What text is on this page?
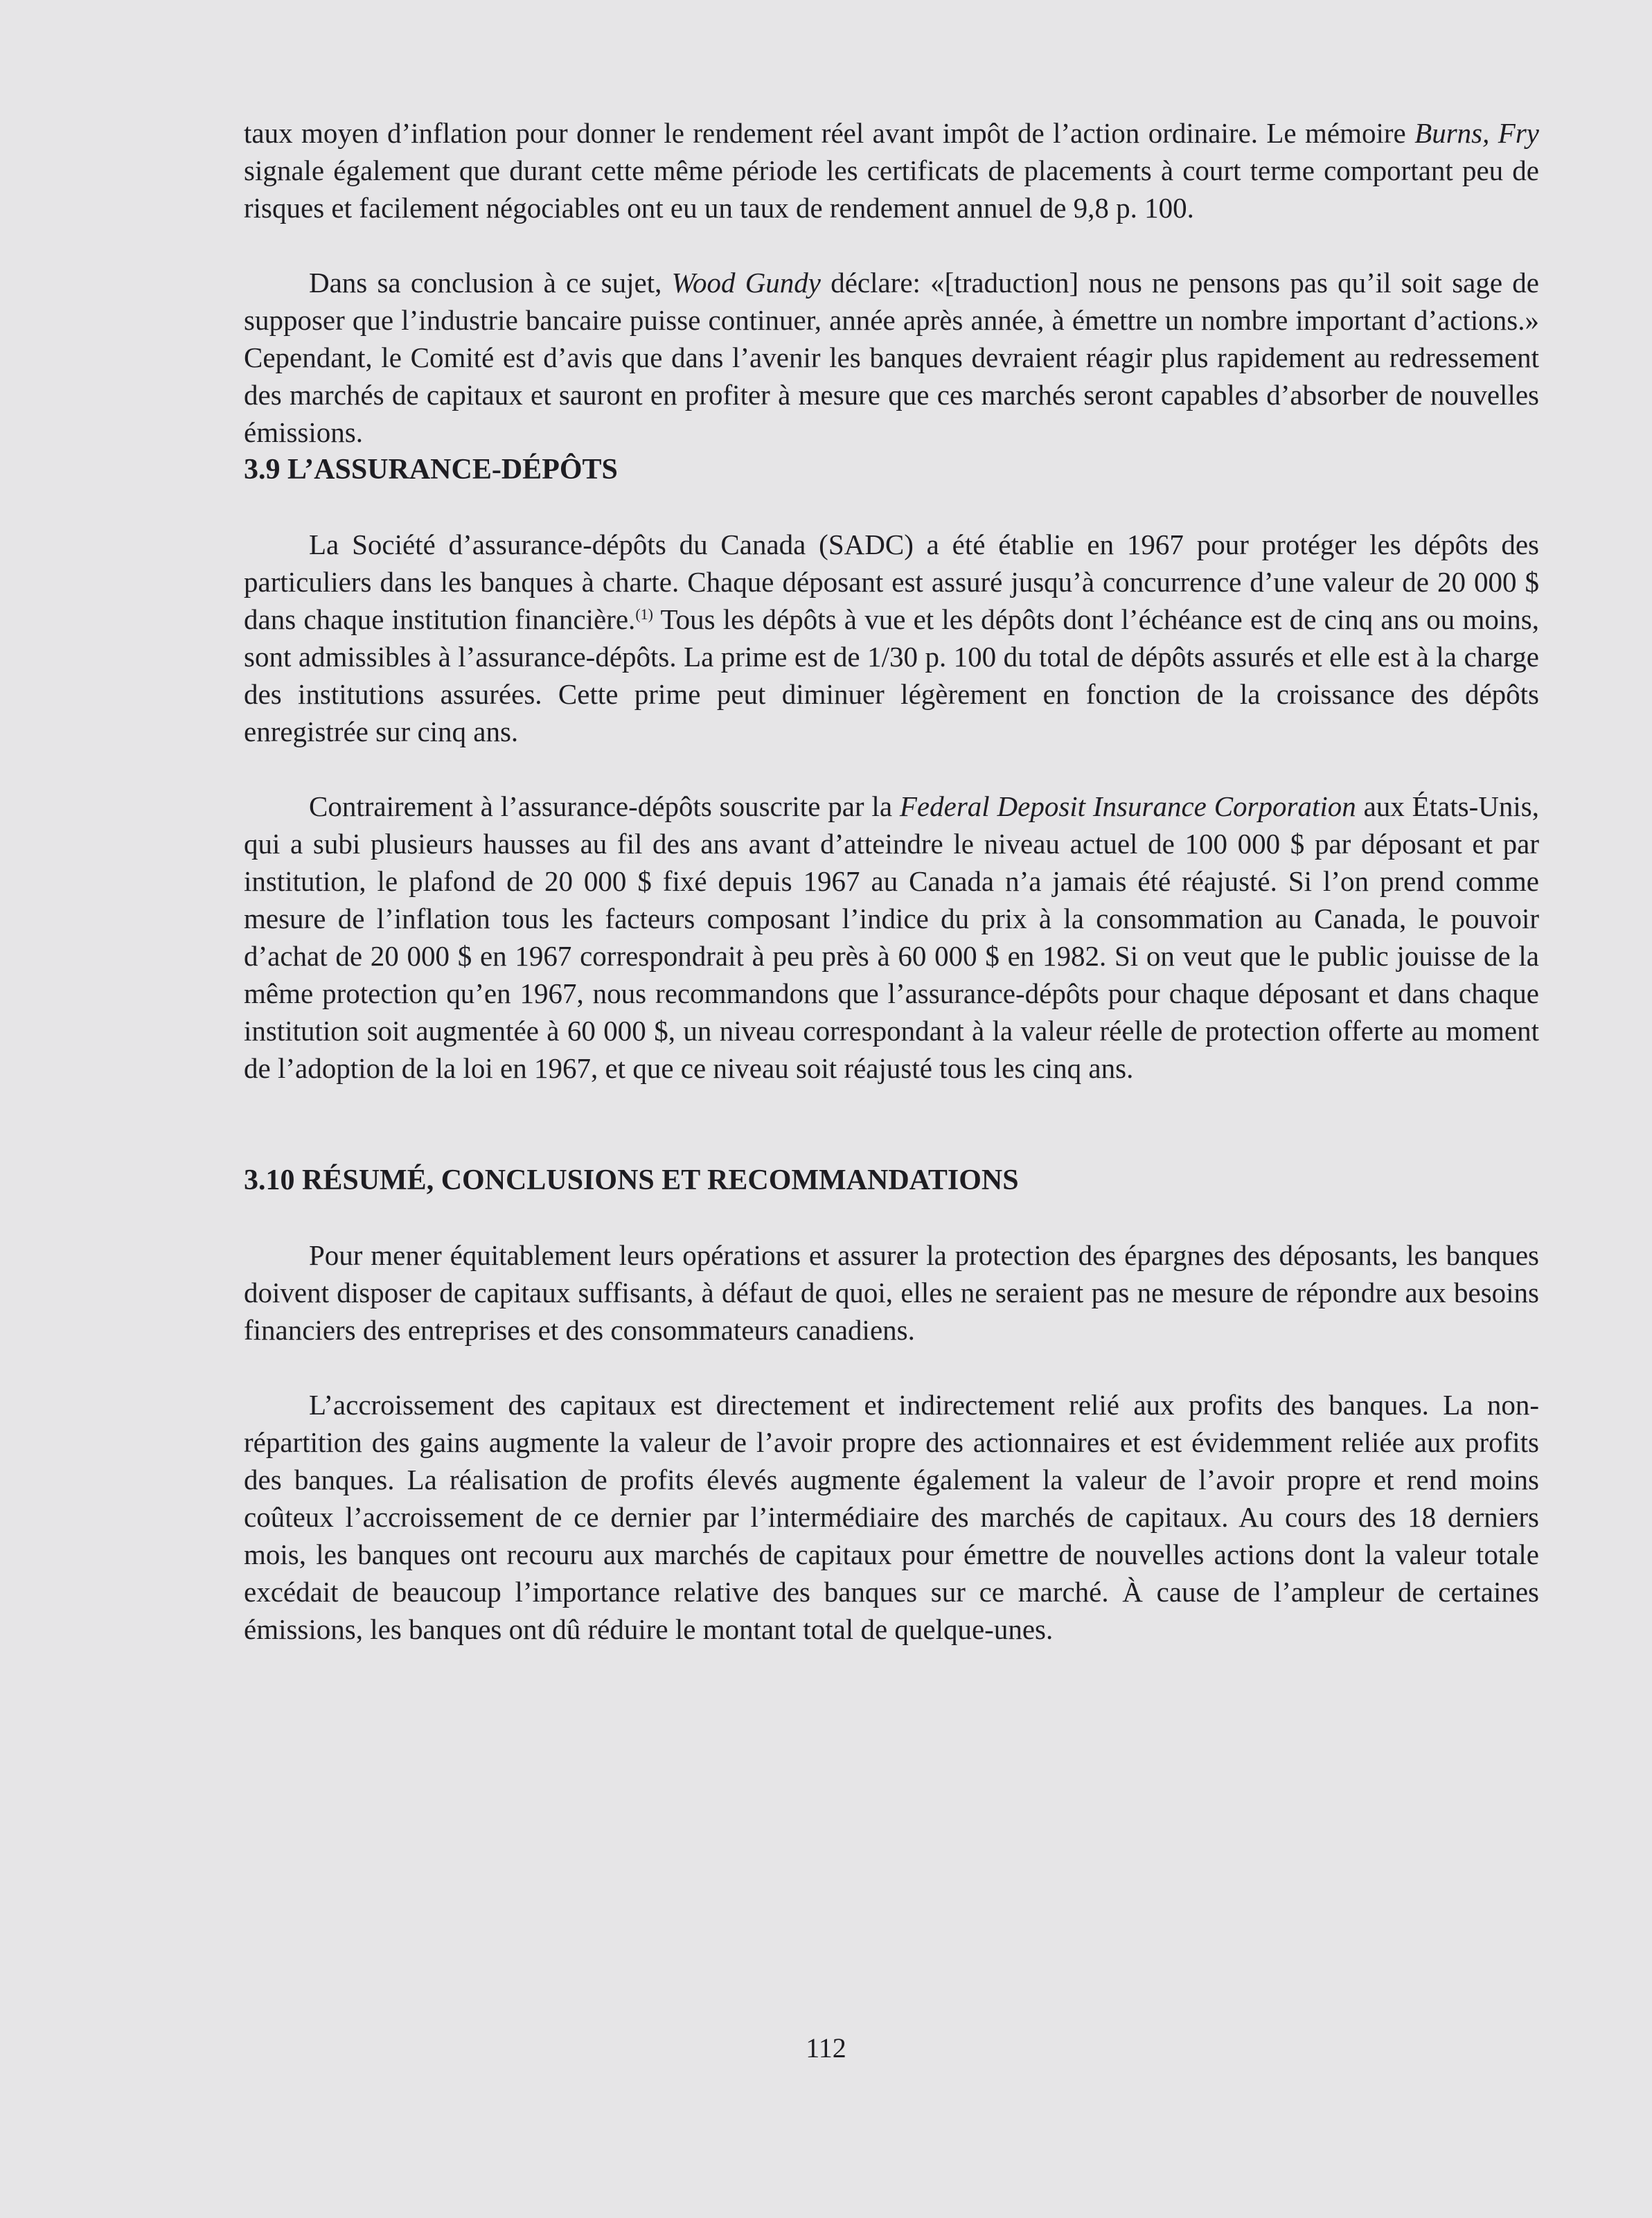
taux moyen d’inflation pour donner le rendement réel avant impôt de l’action ordinaire. Le mémoire Burns, Fry signale également que durant cette même période les certificats de placements à court terme comportant peu de risques et facilement négociables ont eu un taux de rendement annuel de 9,8 p. 100.

Dans sa conclusion à ce sujet, Wood Gundy déclare: «[traduction] nous ne pensons pas qu’il soit sage de supposer que l’industrie bancaire puisse continuer, année après année, à émettre un nombre important d’actions.» Cependant, le Comité est d’avis que dans l’avenir les banques devraient réagir plus rapidement au redressement des marchés de capitaux et sauront en profiter à mesure que ces marchés seront capables d’absorber de nouvelles émissions.

3.9 L’ASSURANCE-DÉPÔTS

La Société d’assurance-dépôts du Canada (SADC) a été établie en 1967 pour protéger les dépôts des particuliers dans les banques à charte. Chaque déposant est assuré jusqu’à concurrence d’une valeur de 20 000 $ dans chaque institution financière.$^{(1)}$ Tous les dépôts à vue et les dépôts dont l’échéance est de cinq ans ou moins, sont admissibles à l’assurance-dépôts. La prime est de 1/30 p. 100 du total de dépôts assurés et elle est à la charge des institutions assurées. Cette prime peut diminuer légèrement en fonction de la croissance des dépôts enregistrée sur cinq ans.

Contrairement à l’assurance-dépôts souscrite par la Federal Deposit Insurance Corporation aux États-Unis, qui a subi plusieurs hausses au fil des ans avant d’atteindre le niveau actuel de 100 000 $ par déposant et par institution, le plafond de 20 000 $ fixé depuis 1967 au Canada n’a jamais été réajusté. Si l’on prend comme mesure de l’inflation tous les facteurs composant l’indice du prix à la consommation au Canada, le pouvoir d’achat de 20 000 $ en 1967 correspondrait à peu près à 60 000 $ en 1982. Si on veut que le public jouisse de la même protection qu’en 1967, nous recommandons que l’assurance-dépôts pour chaque déposant et dans chaque institution soit augmentée à 60 000 $, un niveau correspondant à la valeur réelle de protection offerte au moment de l’adoption de la loi en 1967, et que ce niveau soit réajusté tous les cinq ans.

3.10 RÉSUMÉ, CONCLUSIONS ET RECOMMANDATIONS

Pour mener équitablement leurs opérations et assurer la protection des épargnes des déposants, les banques doivent disposer de capitaux suffisants, à défaut de quoi, elles ne seraient pas ne mesure de répondre aux besoins financiers des entreprises et des consommateurs canadiens.

L’accroissement des capitaux est directement et indirectement relié aux profits des banques. La non-répartition des gains augmente la valeur de l’avoir propre des actionnaires et est évidemment reliée aux profits des banques. La réalisation de profits élevés augmente également la valeur de l’avoir propre et rend moins coûteux l’accroissement de ce dernier par l’intermédiaire des marchés de capitaux. Au cours des 18 derniers mois, les banques ont recouru aux marchés de capitaux pour émettre de nouvelles actions dont la valeur totale excédait de beaucoup l’importance relative des banques sur ce marché. À cause de l’ampleur de certaines émissions, les banques ont dû réduire le montant total de quelque-unes.

112
